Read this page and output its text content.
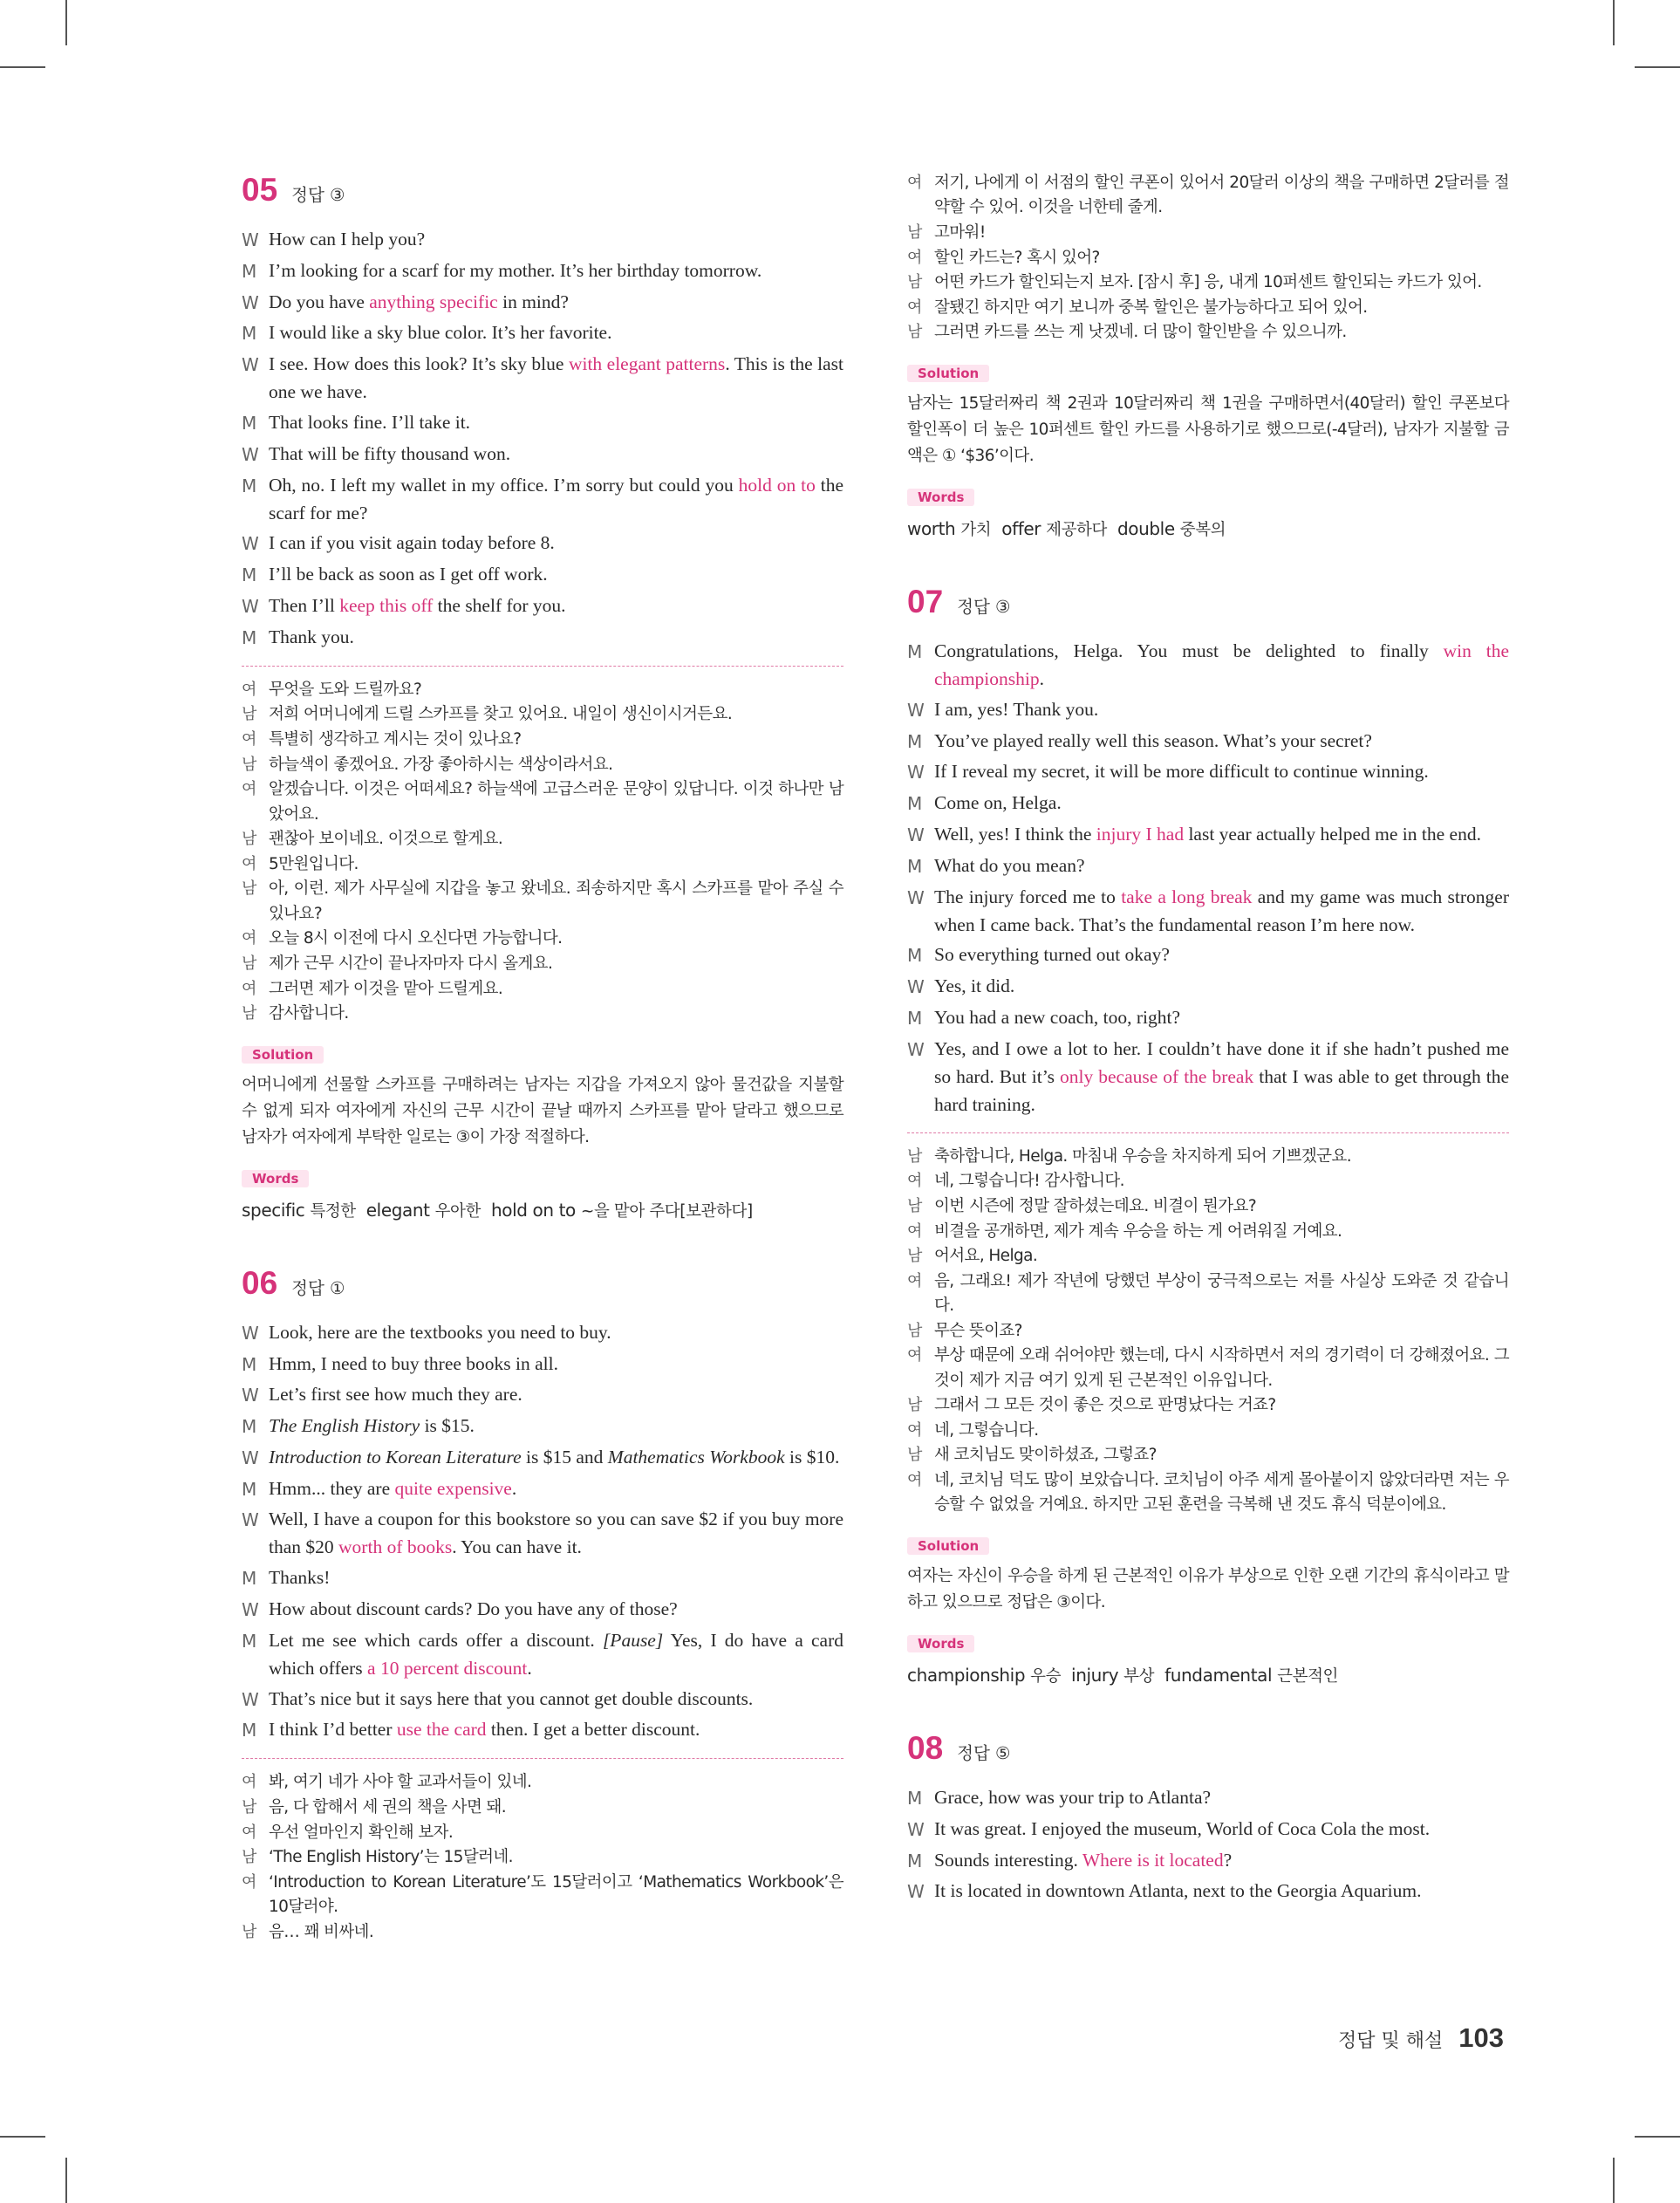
05 정답 ③
W How can I help you?
M I’m looking for a scarf for my mother. It’s her birthday tomorrow.
W Do you have anything specific in mind?
M I would like a sky blue color. It’s her favorite.
W I see. How does this look? It’s sky blue with elegant patterns. This is the last one we have.
M That looks fine. I’ll take it.
W That will be fifty thousand won.
M Oh, no. I left my wallet in my office. I’m sorry but could you hold on to the scarf for me?
W I can if you visit again today before 8.
M I’ll be back as soon as I get off work.
W Then I’ll keep this off the shelf for you.
M Thank you.
여 무엇을 도와 드릴까요?
남 저희 어머니에게 드릴 스카프를 찾고 있어요. 내일이 생신이시거든요.
여 특별히 생각하고 계시는 것이 있나요?
남 하늘색이 좋겠어요. 가장 좋아하시는 색상이라서요.
여 알겠습니다. 이것은 어떠세요? 하늘색에 고급스러운 문양이 있답니다. 이것 하나만 남았어요.
남 괜찮아 보이네요. 이것으로 할게요.
여 5만원입니다.
남 아, 이런. 제가 사무실에 지갑을 놓고 왔네요. 죄송하지만 혹시 스카프를 맡아 주실 수 있나요?
여 오늘 8시 이전에 다시 오신다면 가능합니다.
남 제가 근무 시간이 끝나자마자 다시 올게요.
여 그러면 제가 이것을 맡아 드릴게요.
남 감사합니다.
Solution
어머니에게 선물할 스카프를 구매하려는 남자는 지갑을 가져오지 않아 물건값을 지불할 수 없게 되자 여자에게 자신의 근무 시간이 끝날 때까지 스카프를 맡아 달라고 했으므로 남자가 여자에게 부탁한 일로는 ③이 가장 적절하다.
Words
specific 특정한 elegant 우아한 hold on to ~을 맡아 주다[보관하다]
06 정답 ①
W Look, here are the textbooks you need to buy.
M Hmm, I need to buy three books in all.
W Let’s first see how much they are.
M The English History is $15.
W Introduction to Korean Literature is $15 and Mathematics Workbook is $10.
M Hmm... they are quite expensive.
W Well, I have a coupon for this bookstore so you can save $2 if you buy more than $20 worth of books. You can have it.
M Thanks!
W How about discount cards? Do you have any of those?
M Let me see which cards offer a discount. [Pause] Yes, I do have a card which offers a 10 percent discount.
W That’s nice but it says here that you cannot get double discounts.
M I think I’d better use the card then. I get a better discount.
여 봐, 여기 네가 사야 할 교과서들이 있네.
남 음, 다 합해서 세 권의 책을 사면 돼.
여 우선 얼마인지 확인해 보자.
남 ‘The English History’는 15달러네.
여 ‘Introduction to Korean Literature’도 15달러이고 ‘Mathematics Workbook’은 10달러야.
남 음… 꽤 비싸네.
여 저기, 나에게 이 서점의 할인 쿠폰이 있어서 20달러 이상의 책을 구매하면 2달러를 절약할 수 있어. 이것을 너한테 줄게.
남 고마워!
여 할인 카드는? 혹시 있어?
남 어떤 카드가 할인되는지 보자. [잠시 후] 응, 내게 10퍼센트 할인되는 카드가 있어.
여 잘됐긴 하지만 여기 보니까 중복 할인은 불가능하다고 되어 있어.
남 그러면 카드를 쓰는 게 낫겠네. 더 많이 할인받을 수 있으니까.
Solution
남자는 15달러짜리 책 2권과 10달러짜리 책 1권을 구매하면서(40달러) 할인 쿠폰보다 할인폭이 더 높은 10퍼센트 할인 카드를 사용하기로 했으므로(-4달러), 남자가 지불할 금액은 ① ‘$36’이다.
Words
worth 가치 offer 제공하다 double 중복의
07 정답 ③
M Congratulations, Helga. You must be delighted to finally win the championship.
W I am, yes! Thank you.
M You’ve played really well this season. What’s your secret?
W If I reveal my secret, it will be more difficult to continue winning.
M Come on, Helga.
W Well, yes! I think the injury I had last year actually helped me in the end.
M What do you mean?
W The injury forced me to take a long break and my game was much stronger when I came back. That’s the fundamental reason I’m here now.
M So everything turned out okay?
W Yes, it did.
M You had a new coach, too, right?
W Yes, and I owe a lot to her. I couldn’t have done it if she hadn’t pushed me so hard. But it’s only because of the break that I was able to get through the hard training.
남 축하합니다, Helga. 마침내 우승을 차지하게 되어 기쁘겠군요.
여 네, 그렇습니다! 감사합니다.
남 이번 시즌에 정말 잘하셨는데요. 비결이 뭔가요?
여 비결을 공개하면, 제가 계속 우승을 하는 게 어려워질 거예요.
남 어서요, Helga.
여 음, 그래요! 제가 작년에 당했던 부상이 궁극적으로는 저를 사실상 도와준 것 같습니다.
남 무슨 뜻이죠?
여 부상 때문에 오래 쉬어야만 했는데, 다시 시작하면서 저의 경기력이 더 강해졌어요. 그것이 제가 지금 여기 있게 된 근본적인 이유입니다.
남 그래서 그 모든 것이 좋은 것으로 판명났다는 거죠?
여 네, 그렇습니다.
남 새 코치님도 맞이하셨죠, 그렇죠?
여 네, 코치님 덕도 많이 보았습니다. 코치님이 아주 세게 몰아붙이지 않았더라면 저는 우승할 수 없었을 거예요. 하지만 고된 훈련을 극복해 낸 것도 휴식 덕분이에요.
Solution
여자는 자신이 우승을 하게 된 근본적인 이유가 부상으로 인한 오랜 기간의 휴식이라고 말하고 있으므로 정답은 ③이다.
Words
championship 우승 injury 부상 fundamental 근본적인
08 정답 ⑤
M Grace, how was your trip to Atlanta?
W It was great. I enjoyed the museum, World of Coca Cola the most.
M Sounds interesting. Where is it located?
W It is located in downtown Atlanta, next to the Georgia Aquarium.
정답 및 해설 103
